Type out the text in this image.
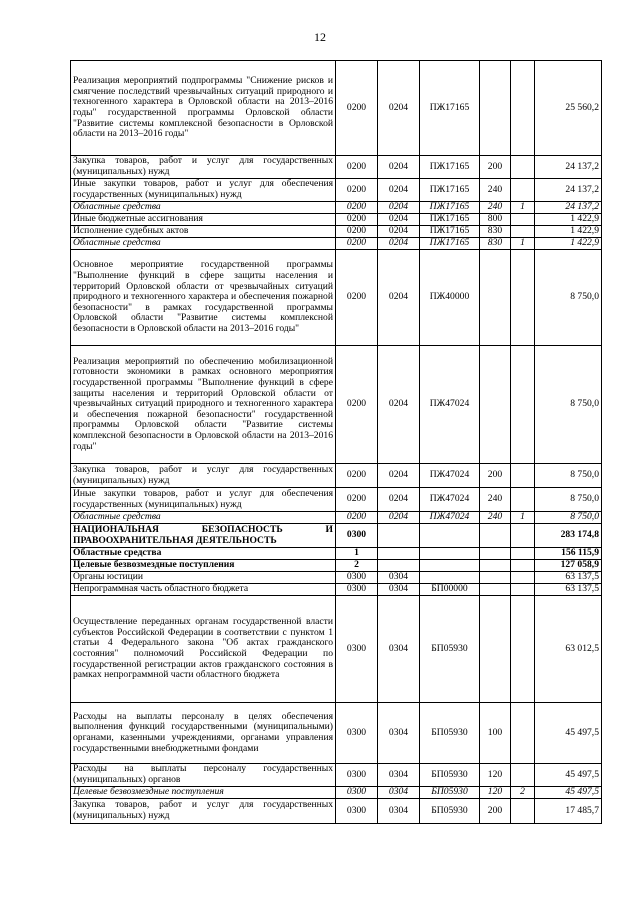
12
Реализация мероприятий подпрограммы "Снижение рисков и смягчение последствий чрезвычайных ситуаций природного и техногенного характера в Орловской области на 2013–2016 годы" государственной программы Орловской области "Развитие системы комплексной безопасности в Орловской области на 2013–2016 годы"	0200	0204	ПЖ17165			25 560,2
Закупка товаров, работ и услуг для государственных (муниципальных) нужд	0200	0204	ПЖ17165	200		24 137,2
Иные закупки товаров, работ и услуг для обеспечения государственных (муниципальных) нужд	0200	0204	ПЖ17165	240		24 137,2
Областные средства	0200	0204	ПЖ17165	240	1	24 137,2
Иные бюджетные ассигнования	0200	0204	ПЖ17165	800		1 422,9
Исполнение судебных актов	0200	0204	ПЖ17165	830		1 422,9
Областные средства	0200	0204	ПЖ17165	830	1	1 422,9
Основное мероприятие государственной программы "Выполнение функций в сфере защиты населения и территорий Орловской области от чрезвычайных ситуаций природного и техногенного характера и обеспечения пожарной безопасности" в рамках государственной программы Орловской области "Развитие системы комплексной безопасности в Орловской области на 2013–2016 годы"	0200	0204	ПЖ40000			8 750,0
Реализация мероприятий по обеспечению мобилизационной готовности экономики в рамках основного мероприятия государственной программы "Выполнение функций в сфере защиты населения и территорий Орловской области от чрезвычайных ситуаций природного и техногенного характера и обеспечения пожарной безопасности" государственной программы Орловской области "Развитие системы комплексной безопасности в Орловской области на 2013–2016 годы"	0200	0204	ПЖ47024			8 750,0
Закупка товаров, работ и услуг для государственных (муниципальных) нужд	0200	0204	ПЖ47024	200		8 750,0
Иные закупки товаров, работ и услуг для обеспечения государственных (муниципальных) нужд	0200	0204	ПЖ47024	240		8 750,0
Областные средства	0200	0204	ПЖ47024	240	1	8 750,0
НАЦИОНАЛЬНАЯ БЕЗОПАСНОСТЬ И ПРАВООХРАНИТЕЛЬНАЯ ДЕЯТЕЛЬНОСТЬ	0300					283 174,8
Областные средства	1					156 115,9
Целевые безвозмездные поступления	2					127 058,9
Органы юстиции	0300	0304				63 137,5
Непрограммная часть областного бюджета	0300	0304	БП00000			63 137,5
Осуществление переданных органам государственной власти субъектов Российской Федерации в соответствии с пунктом 1 статьи 4 Федерального закона "Об актах гражданского состояния" полномочий Российской Федерации по государственной регистрации актов гражданского состояния в рамках непрограммной части областного бюджета	0300	0304	БП05930			63 012,5
Расходы на выплаты персоналу в целях обеспечения выполнения функций государственными (муниципальными) органами, казенными учреждениями, органами управления государственными внебюджетными фондами	0300	0304	БП05930	100		45 497,5
Расходы на выплаты персоналу государственных (муниципальных) органов	0300	0304	БП05930	120		45 497,5
Целевые безвозмездные поступления	0300	0304	БП05930	120	2	45 497,5
Закупка товаров, работ и услуг для государственных (муниципальных) нужд	0300	0304	БП05930	200		17 485,7
